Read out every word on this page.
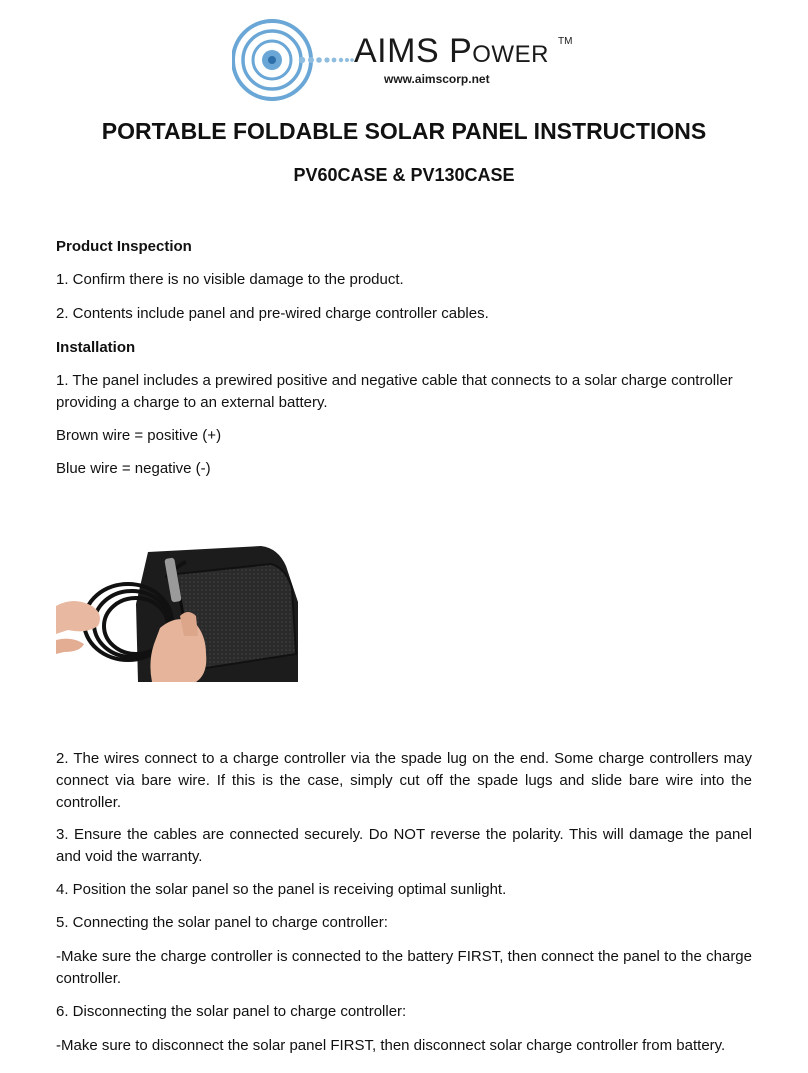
AIMS Power TM
www.aimscorp.net
PORTABLE FOLDABLE SOLAR PANEL INSTRUCTIONS
PV60CASE & PV130CASE

Product Inspection

1. Confirm there is no visible damage to the product.

2. Contents include panel and pre-wired charge controller cables.

Installation

1. The panel includes a prewired positive and negative cable that connects to a solar charge controller providing a charge to an external battery.

Brown wire = positive (+)

Blue wire = negative (-)

2. The wires connect to a charge controller via the spade lug on the end. Some charge controllers may connect via bare wire. If this is the case, simply cut off the spade lugs and slide bare wire into the controller.

3. Ensure the cables are connected securely. Do NOT reverse the polarity. This will damage the panel and void the warranty.

4. Position the solar panel so the panel is receiving optimal sunlight.

5. Connecting the solar panel to charge controller:

-Make sure the charge controller is connected to the battery FIRST, then connect the panel to the charge controller.

6. Disconnecting the solar panel to charge controller:

-Make sure to disconnect the solar panel FIRST, then disconnect solar charge controller from battery.
